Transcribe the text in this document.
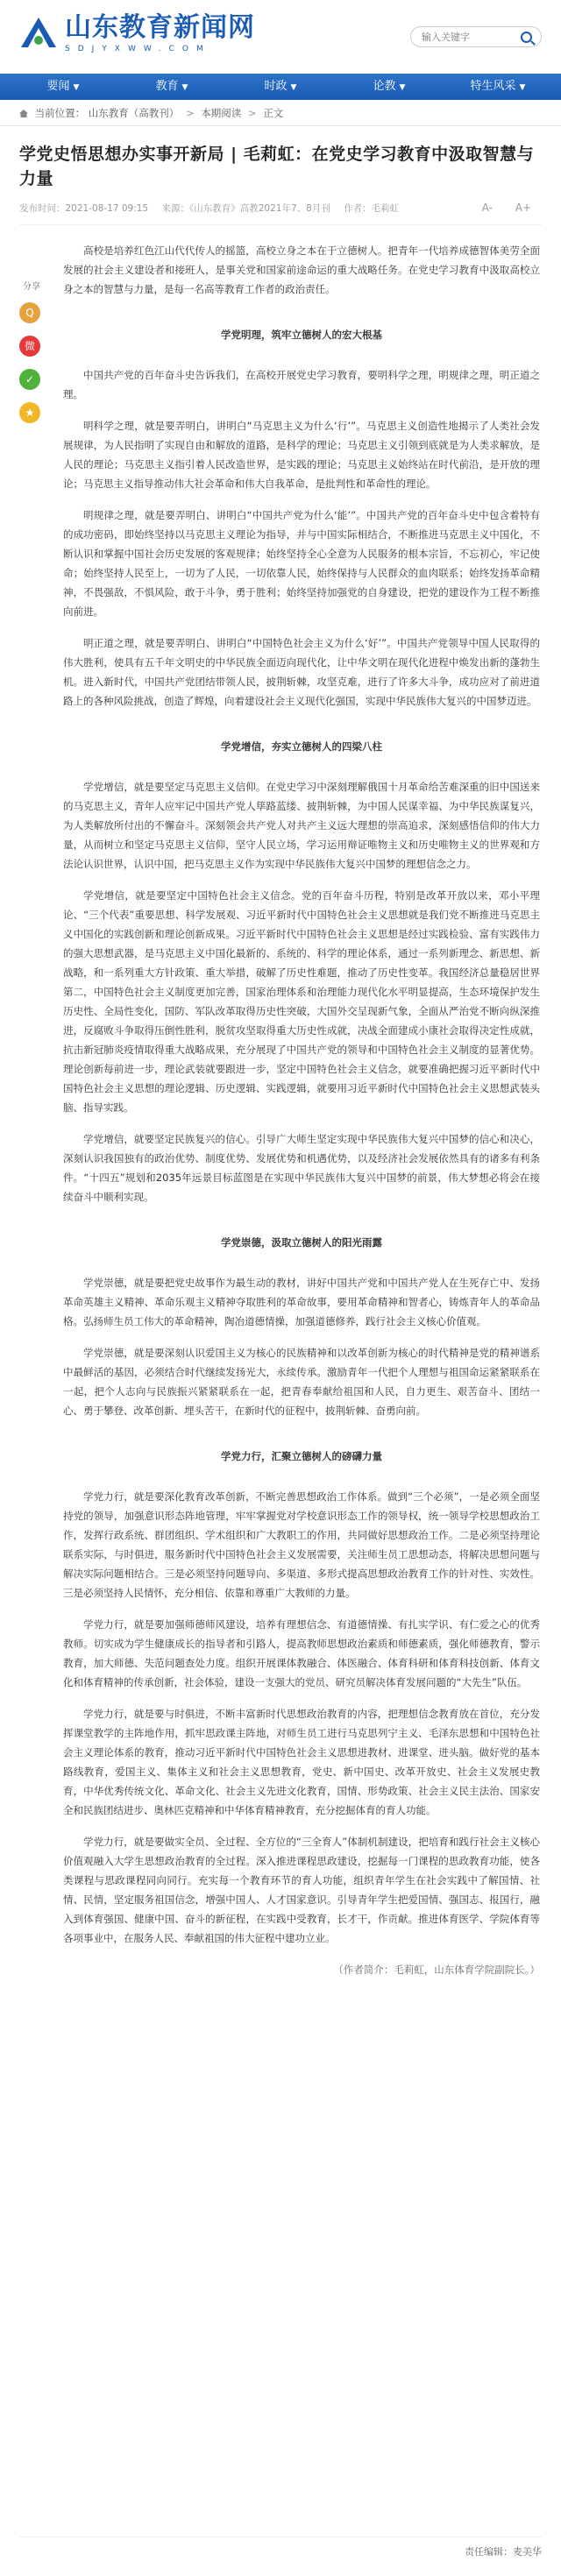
山东教育新闻网
SDJYXWW.COM
输入关键字
要闻 ▼	教育 ▼	时政 ▼	论教 ▼	特生风采 ▼
当前位置： 山东教育（高教刊） > 本期阅读 > 正文
学党史悟思想办实事开新局 | 毛莉虹：在党史学习教育中汲取智慧与力量
发布时间：2021-08-17 09:15 来源：《山东教育》高教2021年7、8月刊 作者：毛莉虹	A- A+
分享
Q
微
✓
★

高校是培养红色江山代代传人的摇篮，高校立身之本在于立德树人。把青年一代培养成德智体美劳全面发展的社会主义建设者和接班人，是事关党和国家前途命运的重大战略任务。在党史学习教育中汲取高校立身之本的智慧与力量，是每一名高等教育工作者的政治责任。

学党明理，筑牢立德树人的宏大根基

中国共产党的百年奋斗史告诉我们，在高校开展党史学习教育，要明科学之理，明规律之理，明正道之理。

明科学之理，就是要弄明白，讲明白“马克思主义为什么‘行’”。马克思主义创造性地揭示了人类社会发展规律，为人民指明了实现自由和解放的道路，是科学的理论；马克思主义引领到底就是为人类求解放，是人民的理论；马克思主义指引着人民改造世界，是实践的理论；马克思主义始终站在时代前沿，是开放的理论；马克思主义指导推动伟大社会革命和伟大自我革命，是批判性和革命性的理论。

明规律之理，就是要弄明白、讲明白“中国共产党为什么‘能’”。中国共产党的百年奋斗史中包含着特有的成功密码，即始终坚持以马克思主义理论为指导，并与中国实际相结合，不断推进马克思主义中国化，不断认识和掌握中国社会历史发展的客观规律；始终坚持全心全意为人民服务的根本宗旨，不忘初心，牢记使命；始终坚持人民至上，一切为了人民，一切依靠人民，始终保持与人民群众的血肉联系；始终发扬革命精神，不畏强敌，不惧风险，敢于斗争，勇于胜利；始终坚持加强党的自身建设，把党的建设作为工程不断推向前进。

明正道之理，就是要弄明白、讲明白“中国特色社会主义为什么‘好’”。中国共产党领导中国人民取得的伟大胜利，使具有五千年文明史的中华民族全面迈向现代化，让中华文明在现代化进程中焕发出新的蓬勃生机。进入新时代，中国共产党团结带领人民，披荆斩棘，攻坚克难，进行了许多大斗争，成功应对了前进道路上的各种风险挑战，创造了辉煌，向着建设社会主义现代化强国，实现中华民族伟大复兴的中国梦迈进。

学党增信，夯实立德树人的四梁八柱

学党增信，就是要坚定马克思主义信仰。在党史学习中深刻理解俄国十月革命给苦难深重的旧中国送来的马克思主义，青年人应牢记中国共产党人筚路蓝缕、披荆斩棘，为中国人民谋幸福、为中华民族谋复兴，为人类解放所付出的不懈奋斗。深刻领会共产党人对共产主义远大理想的崇高追求，深刻感悟信仰的伟大力量，从而树立和坚定马克思主义信仰，坚守人民立场，学习运用辩证唯物主义和历史唯物主义的世界观和方法论认识世界，认识中国，把马克思主义作为实现中华民族伟大复兴中国梦的理想信念之力。

学党增信，就是要坚定中国特色社会主义信念。党的百年奋斗历程，特别是改革开放以来，邓小平理论、“三个代表”重要思想、科学发展观、习近平新时代中国特色社会主义思想就是我们党不断推进马克思主义中国化的实践创新和理论创新成果。习近平新时代中国特色社会主义思想是经过实践检验、富有实践伟力的强大思想武器，是马克思主义中国化最新的、系统的、科学的理论体系，通过一系列新理念、新思想、新战略，和一系列重大方针政策、重大举措，破解了历史性难题，推动了历史性变革。我国经济总量稳居世界第二，中国特色社会主义制度更加完善，国家治理体系和治理能力现代化水平明显提高，生态环境保护发生历史性、全局性变化，国防、军队改革取得历史性突破，大国外交呈现新气象，全面从严治党不断向纵深推进，反腐败斗争取得压倒性胜利，脱贫攻坚取得重大历史性成就，决战全面建成小康社会取得决定性成就，抗击新冠肺炎疫情取得重大战略成果，充分展现了中国共产党的领导和中国特色社会主义制度的显著优势。理论创新每前进一步，理论武装就要跟进一步，坚定中国特色社会主义信念，就要准确把握习近平新时代中国特色社会主义思想的理论逻辑、历史逻辑、实践逻辑，就要用习近平新时代中国特色社会主义思想武装头脑、指导实践。

学党增信，就要坚定民族复兴的信心。引导广大师生坚定实现中华民族伟大复兴中国梦的信心和决心，深刻认识我国独有的政治优势、制度优势、发展优势和机遇优势，以及经济社会发展依然具有的诸多有利条件。“十四五”规划和2035年远景目标蓝图是在实现中华民族伟大复兴中国梦的前景，伟大梦想必将会在接续奋斗中顺利实现。

学党崇德，汲取立德树人的阳光雨露

学党崇德，就是要把党史故事作为最生动的教材，讲好中国共产党和中国共产党人在生死存亡中、发扬革命英雄主义精神、革命乐观主义精神夺取胜利的革命故事，要用革命精神和智者心，铸炼青年人的革命品格。弘扬师生员工伟大的革命精神，陶冶道德情操，加强道德修养，践行社会主义核心价值观。

学党崇德，就是要深刻认识爱国主义为核心的民族精神和以改革创新为核心的时代精神是党的精神谱系中最鲜活的基因，必须结合时代继续发扬光大，永续传承。激励青年一代把个人理想与祖国命运紧紧联系在一起，把个人志向与民族振兴紧紧联系在一起，把青春奉献给祖国和人民，自力更生、艰苦奋斗、团结一心、勇于攀登、改革创新、埋头苦干，在新时代的征程中，披荆斩棘、奋勇向前。

学党力行，汇聚立德树人的磅礴力量

学党力行，就是要深化教育改革创新，不断完善思想政治工作体系。做到“三个必须”，一是必须全面坚持党的领导，加强意识形态阵地管理，牢牢掌握党对学校意识形态工作的领导权，统一领导学校思想政治工作，发挥行政系统、群团组织、学术组织和广大教职工的作用，共同做好思想政治工作。二是必须坚持理论联系实际，与时俱进，服务新时代中国特色社会主义发展需要，关注师生员工思想动态，将解决思想问题与解决实际问题相结合。三是必须坚持问题导向、多渠道、多形式提高思想政治教育工作的针对性、实效性。三是必须坚持人民情怀，充分相信、依靠和尊重广大教师的力量。

学党力行，就是要加强师德师风建设，培养有理想信念、有道德情操、有扎实学识、有仁爱之心的优秀教师。切实成为学生健康成长的指导者和引路人，提高教师思想政治素质和师德素质，强化师德教育，警示教育，加大师德、失范问题查处力度。组织开展课体教融合、体医融合、体育科研和体育科技创新、体育文化和体育精神的传承创新，社会体验，建设一支强大的党员、研究员解决体育发展问题的“大先生”队伍。

学党力行，就是要与时俱进，不断丰富新时代思想政治教育的内容，把理想信念教育放在首位，充分发挥课堂教学的主阵地作用，抓牢思政课主阵地，对师生员工进行马克思列宁主义、毛泽东思想和中国特色社会主义理论体系的教育，推动习近平新时代中国特色社会主义思想进教材、进课堂、进头脑。做好党的基本路线教育，爱国主义、集体主义和社会主义思想教育，党史、新中国史、改革开放史、社会主义发展史教育，中华优秀传统文化、革命文化、社会主义先进文化教育，国情、形势政策、社会主义民主法治、国家安全和民族团结进步、奥林匹克精神和中华体育精神教育，充分挖掘体育的育人功能。

学党力行，就是要做实全员、全过程、全方位的“三全育人”体制机制建设，把培育和践行社会主义核心价值观融入大学生思想政治教育的全过程。深入推进课程思政建设，挖掘每一门课程的思政教育功能，使各类课程与思政课程同向同行。充实每一个教育环节的育人功能，组织青年学生在社会实践中了解国情、社情、民情，坚定服务祖国信念，增强中国人、人才国家意识。引导青年学生把爱国情、强国志、报国行，融入到体育强国、健康中国、奋斗的新征程，在实践中受教育，长才干，作贡献。推进体育医学、学院体育等各项事业中，在服务人民、奉献祖国的伟大征程中建功立业。

（作者简介：毛莉虹，山东体育学院副院长。）

责任编辑：麦美华
